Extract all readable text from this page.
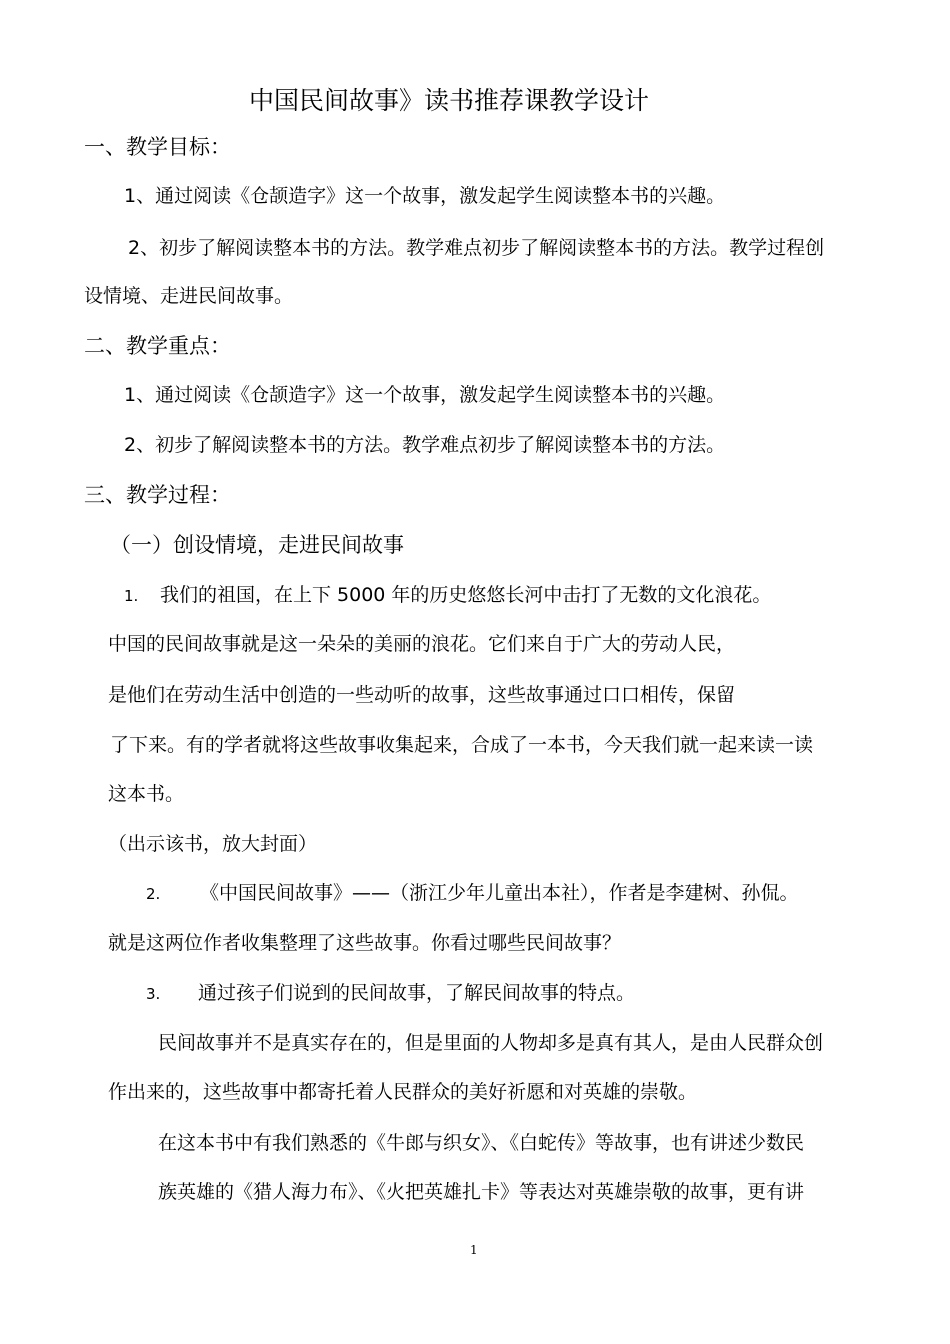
中国民间故事》读书推荐课教学设计
一、教学目标：
1、通过阅读《仓颉造字》这一个故事，激发起学生阅读整本书的兴趣。
2、初步了解阅读整本书的方法。教学难点初步了解阅读整本书的方法。教学过程创
设情境、走进民间故事。
二、教学重点：
1、通过阅读《仓颉造字》这一个故事，激发起学生阅读整本书的兴趣。
2、初步了解阅读整本书的方法。教学难点初步了解阅读整本书的方法。
三、教学过程：
（一）创设情境，走进民间故事
1. 我们的祖国，在上下 5000 年的历史悠悠长河中击打了无数的文化浪花。
中国的民间故事就是这一朵朵的美丽的浪花。它们来自于广大的劳动人民，
是他们在劳动生活中创造的一些动听的故事，这些故事通过口口相传，保留
了下来。有的学者就将这些故事收集起来，合成了一本书，今天我们就一起来读一读
这本书。
（出示该书，放大封面）
2. 《中国民间故事》——（浙江少年儿童出本社），作者是李建树、孙侃。
就是这两位作者收集整理了这些故事。你看过哪些民间故事？
3. 通过孩子们说到的民间故事，了解民间故事的特点。
民间故事并不是真实存在的，但是里面的人物却多是真有其人，是由人民群众创
作出来的，这些故事中都寄托着人民群众的美好祈愿和对英雄的崇敬。
在这本书中有我们熟悉的《牛郎与织女》、《白蛇传》等故事，也有讲述少数民
族英雄的《猎人海力布》、《火把英雄扎卡》等表达对英雄崇敬的故事，更有讲
1
